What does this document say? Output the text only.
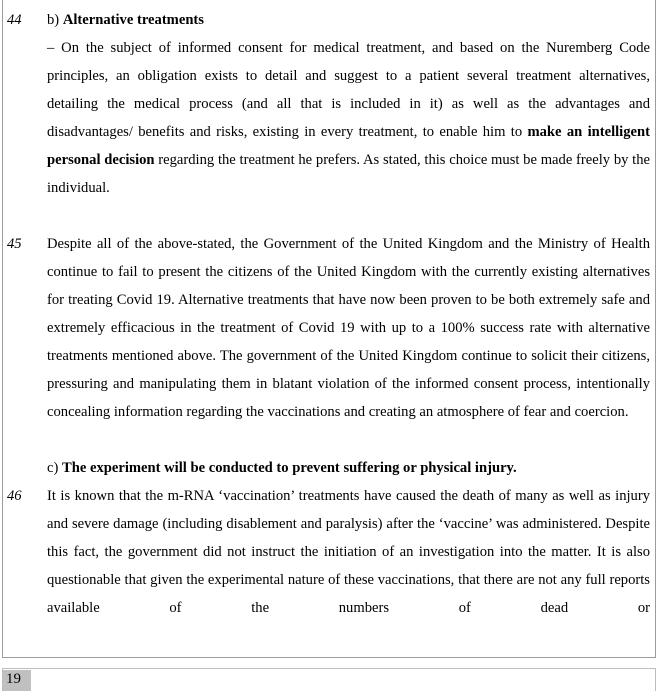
44 b) Alternative treatments

– On the subject of informed consent for medical treatment, and based on the Nuremberg Code principles, an obligation exists to detail and suggest to a patient several treatment alternatives, detailing the medical process (and all that is included in it) as well as the advantages and disadvantages/ benefits and risks, existing in every treatment, to enable him to make an intelligent personal decision regarding the treatment he prefers. As stated, this choice must be made freely by the individual.

45 Despite all of the above-stated, the Government of the United Kingdom and the Ministry of Health continue to fail to present the citizens of the United Kingdom with the currently existing alternatives for treating Covid 19. Alternative treatments that have now been proven to be both extremely safe and extremely efficacious in the treatment of Covid 19 with up to a 100% success rate with alternative treatments mentioned above. The government of the United Kingdom continue to solicit their citizens, pressuring and manipulating them in blatant violation of the informed consent process, intentionally concealing information regarding the vaccinations and creating an atmosphere of fear and coercion.

c) The experiment will be conducted to prevent suffering or physical injury.

46 It is known that the m-RNA ‘vaccination’ treatments have caused the death of many as well as injury and severe damage (including disablement and paralysis) after the ‘vaccine’ was administered. Despite this fact, the government did not instruct the initiation of an investigation into the matter. It is also questionable that given the experimental nature of these vaccinations, that there are not any full reports available of the numbers of dead or

19
